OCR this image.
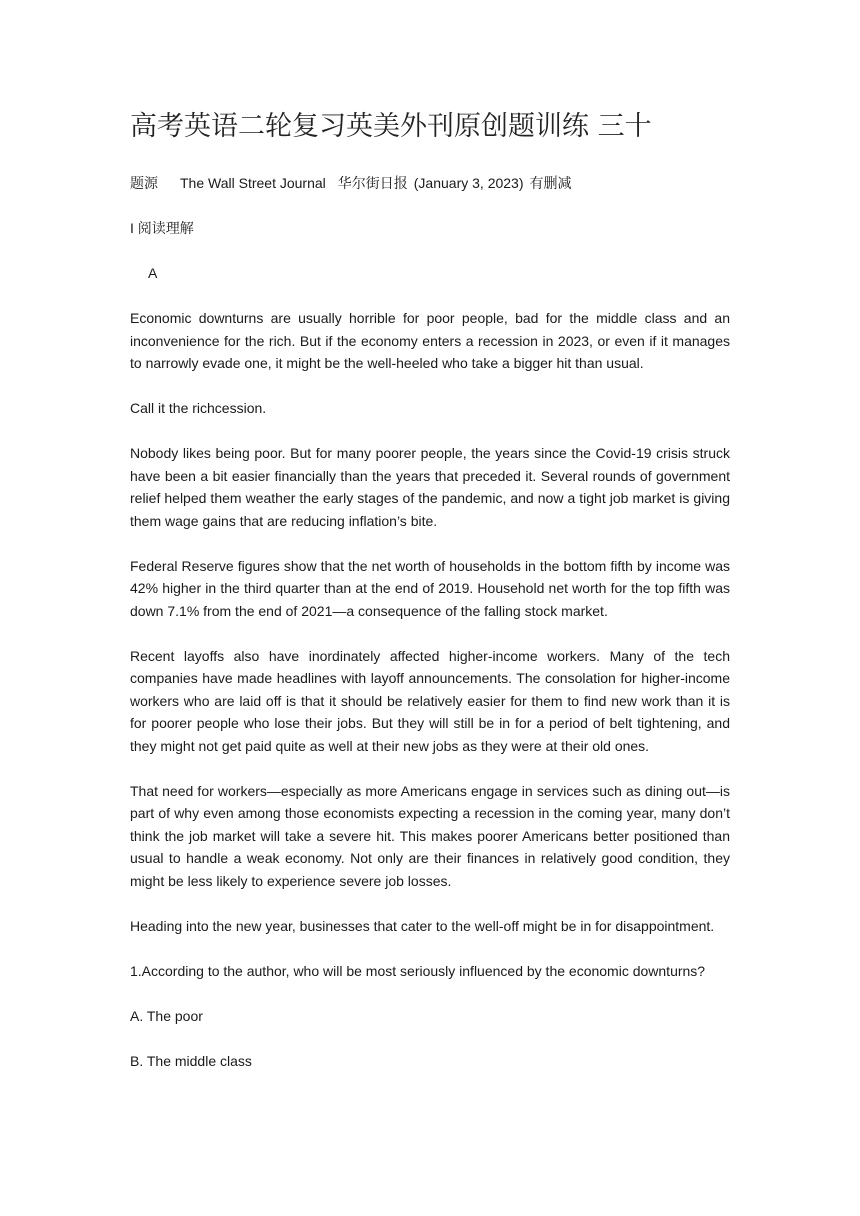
高考英语二轮复习英美外刊原创题训练 三十
题源 The Wall Street Journal 华尔街日报 (January 3, 2023) 有删减
I 阅读理解
A

Economic downturns are usually horrible for poor people, bad for the middle class and an inconvenience for the rich. But if the economy enters a recession in 2023, or even if it manages to narrowly evade one, it might be the well-heeled who take a bigger hit than usual.

Call it the richcession.

Nobody likes being poor. But for many poorer people, the years since the Covid-19 crisis struck have been a bit easier financially than the years that preceded it. Several rounds of government relief helped them weather the early stages of the pandemic, and now a tight job market is giving them wage gains that are reducing inflation’s bite.

Federal Reserve figures show that the net worth of households in the bottom fifth by income was 42% higher in the third quarter than at the end of 2019. Household net worth for the top fifth was down 7.1% from the end of 2021—a consequence of the falling stock market.

Recent layoffs also have inordinately affected higher-income workers. Many of the tech companies have made headlines with layoff announcements. The consolation for higher-income workers who are laid off is that it should be relatively easier for them to find new work than it is for poorer people who lose their jobs. But they will still be in for a period of belt tightening, and they might not get paid quite as well at their new jobs as they were at their old ones.

That need for workers—especially as more Americans engage in services such as dining out—is part of why even among those economists expecting a recession in the coming year, many don’t think the job market will take a severe hit. This makes poorer Americans better positioned than usual to handle a weak economy. Not only are their finances in relatively good condition, they might be less likely to experience severe job losses.

Heading into the new year, businesses that cater to the well-off might be in for disappointment.

1.According to the author, who will be most seriously influenced by the economic downturns?

A. The poor

B. The middle class
